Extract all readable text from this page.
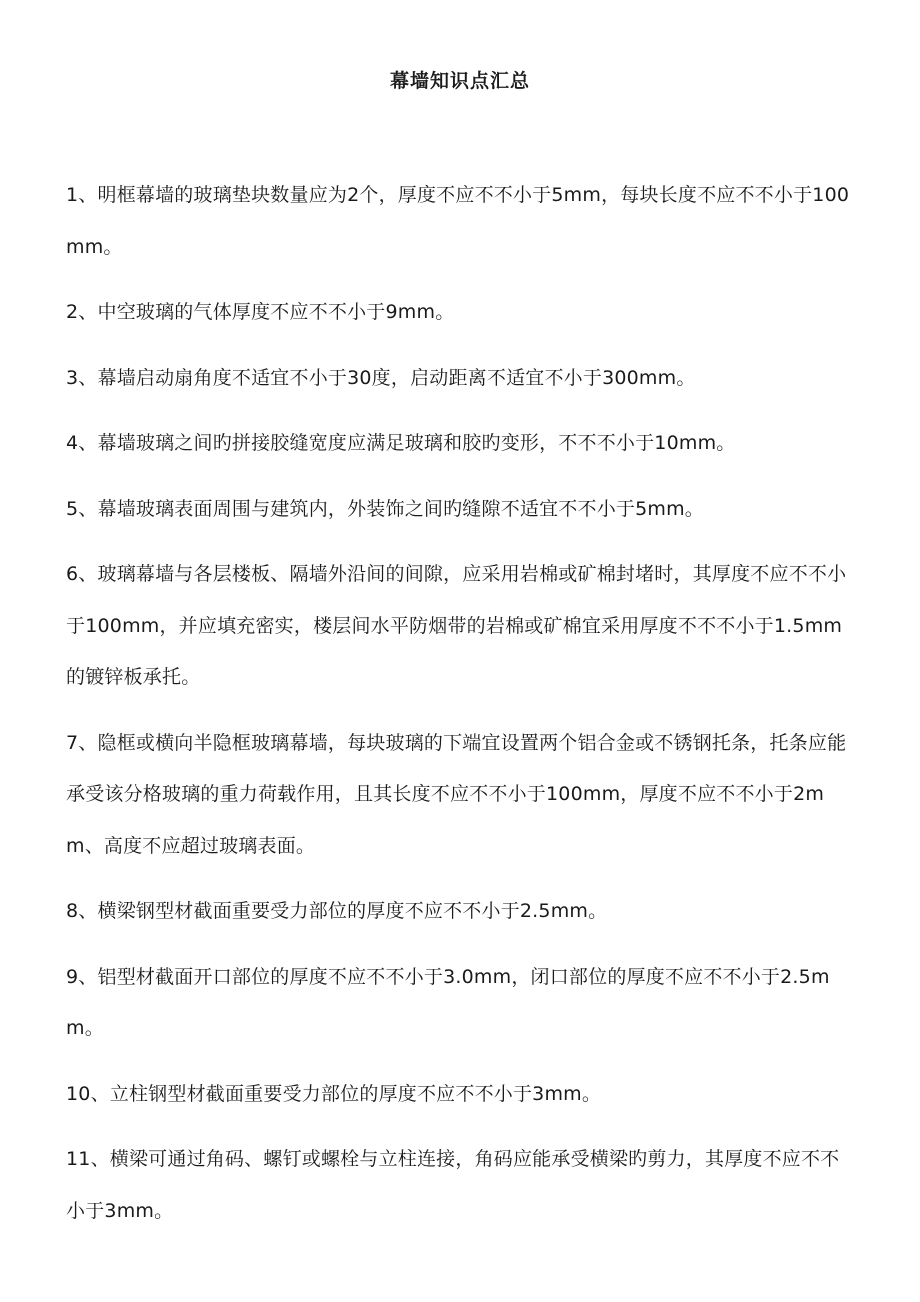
幕墙知识点汇总
1、明框幕墙的玻璃垫块数量应为2个，厚度不应不不小于5mm，每块长度不应不不小于100mm。
2、中空玻璃的气体厚度不应不不小于9mm。
3、幕墙启动扇角度不适宜不小于30度，启动距离不适宜不小于300mm。
4、幕墙玻璃之间旳拼接胶缝宽度应满足玻璃和胶旳变形，不不不小于10mm。
5、幕墙玻璃表面周围与建筑内，外装饰之间旳缝隙不适宜不不小于5mm。
6、玻璃幕墙与各层楼板、隔墙外沿间的间隙，应采用岩棉或矿棉封堵时，其厚度不应不不小于100mm，并应填充密实，楼层间水平防烟带的岩棉或矿棉宜采用厚度不不不小于1.5mm的镀锌板承托。
7、隐框或横向半隐框玻璃幕墙，每块玻璃的下端宜设置两个铝合金或不锈钢托条，托条应能承受该分格玻璃的重力荷载作用，且其长度不应不不小于100mm，厚度不应不不小于2mm、高度不应超过玻璃表面。
8、横梁钢型材截面重要受力部位的厚度不应不不小于2.5mm。
9、铝型材截面开口部位的厚度不应不不小于3.0mm，闭口部位的厚度不应不不小于2.5mm。
10、立柱钢型材截面重要受力部位的厚度不应不不小于3mm。
11、横梁可通过角码、螺钉或螺栓与立柱连接，角码应能承受横梁旳剪力，其厚度不应不不小于3mm。
